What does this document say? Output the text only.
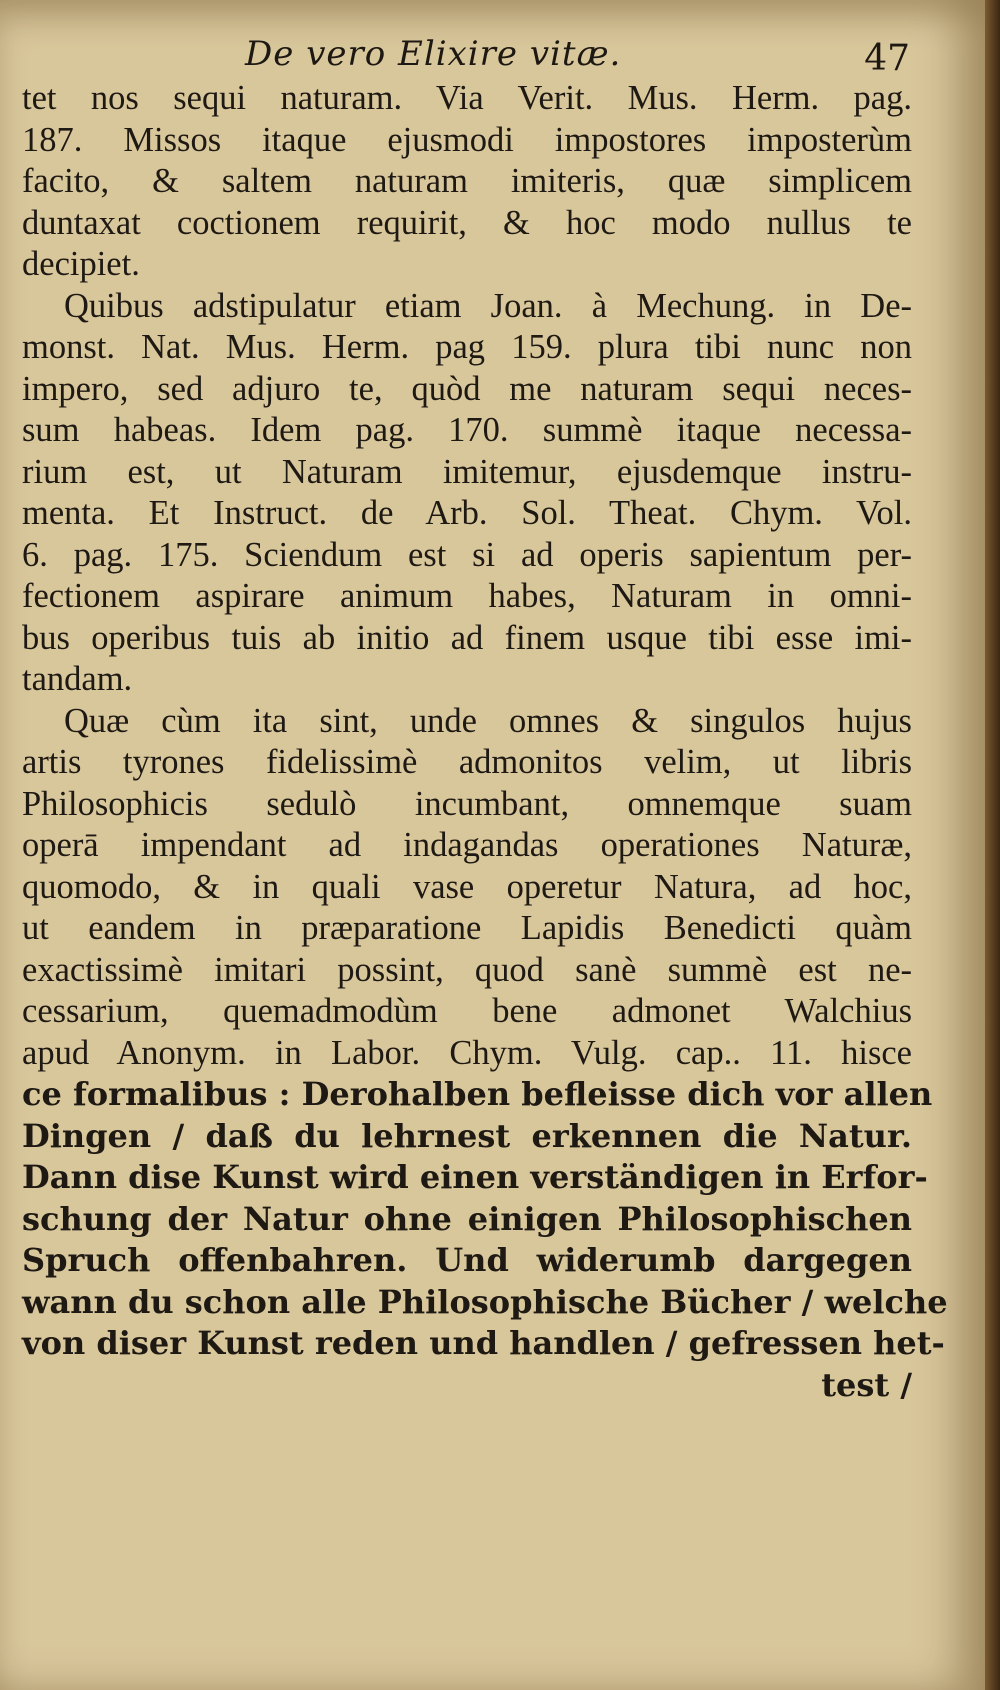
De vero Elixire vitæ.	47
tet nos sequi naturam. Via Verit. Mus. Herm. pag.
187. Missos itaque ejusmodi impostores imposterùm
facito, & saltem naturam imiteris, quæ simplicem
duntaxat coctionem requirit, & hoc modo nullus te
decipiet.
Quibus adstipulatur etiam Joan. à Mechung. in De-
monst. Nat. Mus. Herm. pag 159. plura tibi nunc non
impero, sed adjuro te, quòd me naturam sequi neces-
sum habeas. Idem pag. 170. summè itaque necessa-
rium est, ut Naturam imitemur, ejusdemque instru-
menta. Et Instruct. de Arb. Sol. Theat. Chym. Vol.
6. pag. 175. Sciendum est si ad operis sapientum per-
fectionem aspirare animum habes, Naturam in omni-
bus operibus tuis ab initio ad finem usque tibi esse imi-
tandam.
Quæ cùm ita sint, unde omnes & singulos hujus
artis tyrones fidelissimè admonitos velim, ut libris
Philosophicis sedulò incumbant, omnemque suam
operā impendant ad indagandas operationes Naturæ,
quomodo, & in quali vase operetur Natura, ad hoc,
ut eandem in præparatione Lapidis Benedicti quàm
exactissimè imitari possint, quod sanè summè est ne-
cessarium, quemadmodùm bene admonet Walchius
apud Anonym. in Labor. Chym. Vulg. cap.. 11. hisce
ce formalibus : Derohalben befleisse dich vor allen
Dingen / daß du lehrnest erkennen die Natur.
Dann dise Kunst wird einen verständigen in Erfor-
schung der Natur ohne einigen Philosophischen
Spruch offenbahren. Und widerumb dargegen
wann du schon alle Philosophische Bücher / welche
von diser Kunst reden und handlen / gefressen het-
test /
